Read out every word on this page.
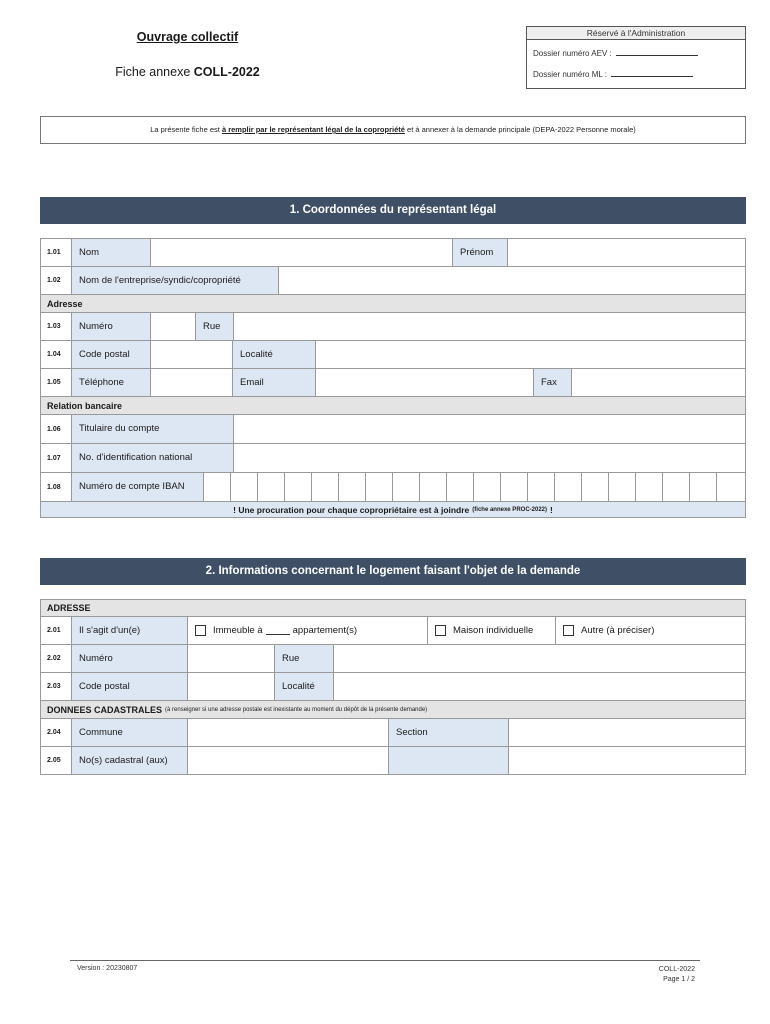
Ouvrage collectif
Fiche annexe COLL-2022
Réservé à l'Administration
Dossier numéro AEV :
Dossier numéro ML :
La présente fiche est à remplir par le représentant légal de la copropriété et à annexer à la demande principale (DEPA-2022 Personne morale)
1. Coordonnées du représentant légal
1.01	Nom	Prénom
1.02	Nom de l'entreprise/syndic/copropriété
Adresse
1.03	Numéro	Rue
1.04	Code postal	Localité
1.05	Téléphone	Email	Fax
Relation bancaire
1.06	Titulaire du compte
1.07	No. d'identification national
1.08	Numéro de compte IBAN
! Une procuration pour chaque copropriétaire est à joindre (fiche annexe PROC-2022) !
2. Informations concernant le logement faisant l'objet de la demande
ADRESSE
2.01	Il s'agit d'un(e)	Immeuble à	appartement(s)	Maison individuelle	Autre (à préciser)
2.02	Numéro	Rue
2.03	Code postal	Localité
DONNEES CADASTRALES (à renseigner si une adresse postale est inexistante au moment du dépôt de la présente demande)
2.04	Commune	Section
2.05	No(s) cadastral (aux)
Version : 20230807	COLL-2022
Page 1 / 2
